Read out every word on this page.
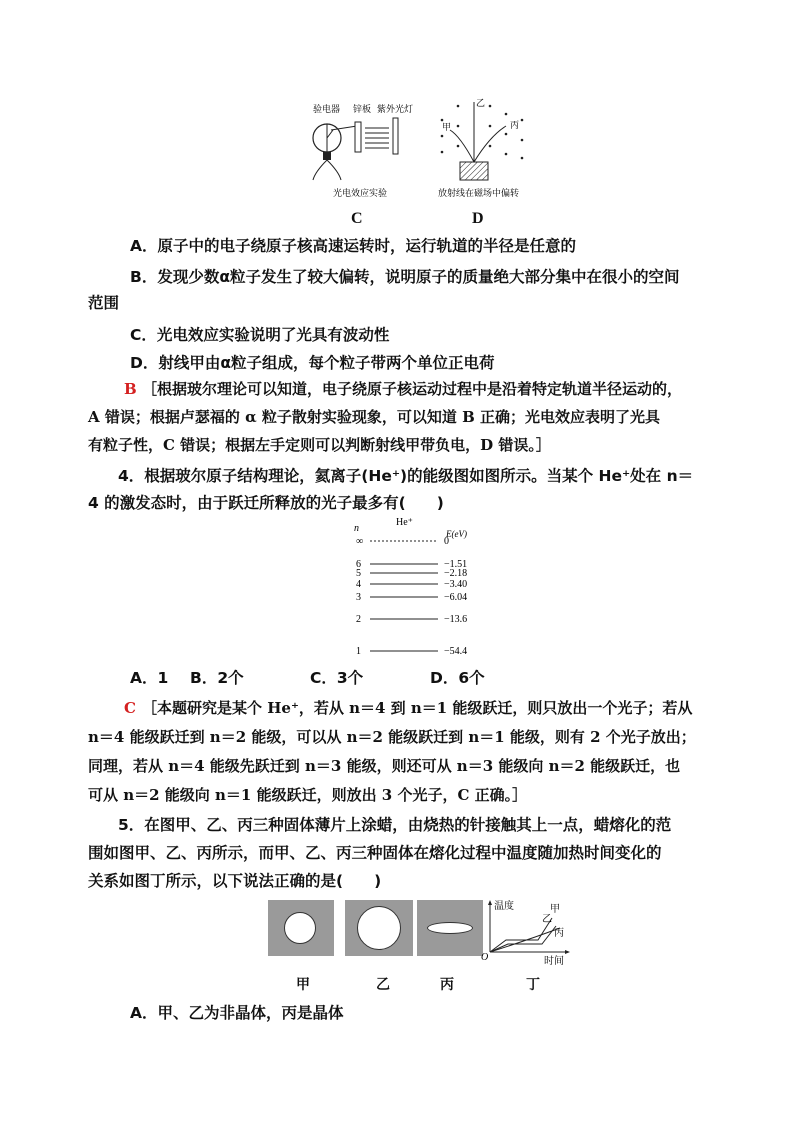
验电器 锌板 紫外光灯
光电效应实验
C
乙
甲	丙
放射线在磁场中偏转
D
A．原子中的电子绕原子核高速运转时，运行轨道的半径是任意的
B．发现少数α粒子发生了较大偏转，说明原子的质量绝大部分集中在很小的空间
范围
C．光电效应实验说明了光具有波动性
D．射线甲由α粒子组成，每个粒子带两个单位正电荷
B ［根据玻尔理论可以知道，电子绕原子核运动过程中是沿着特定轨道半径运动的，
A 错误；根据卢瑟福的 α 粒子散射实验现象，可以知道 B 正确；光电效应表明了光具
有粒子性，C 错误；根据左手定则可以判断射线甲带负电，D 错误。］
4．根据玻尔原子结构理论，氦离子(He⁺)的能级图如图所示。当某个 He⁺处在 n＝
4 的激发态时，由于跃迁所释放的光子最多有(　　)
n
He⁺
E(eV)
∞	0
6	−1.51
5	−2.18
4	−3.40
3	−6.04
2	−13.6
1	−54.4
A．1 B．2个	C．3个	D．6个
C ［本题研究是某个 He⁺，若从 n＝4 到 n＝1 能级跃迁，则只放出一个光子；若从
n＝4 能级跃迁到 n＝2 能级，可以从 n＝2 能级跃迁到 n＝1 能级，则有 2 个光子放出；
同理，若从 n＝4 能级先跃迁到 n＝3 能级，则还可从 n＝3 能级向 n＝2 能级跃迁，也
可从 n＝2 能级向 n＝1 能级跃迁，则放出 3 个光子，C 正确。］
5．在图甲、乙、丙三种固体薄片上涂蜡，由烧热的针接触其上一点，蜡熔化的范
围如图甲、乙、丙所示，而甲、乙、丙三种固体在熔化过程中温度随加热时间变化的
关系如图丁所示，以下说法正确的是(　　)
温度
时间
O
甲
乙
丙
甲	乙	丙	丁
A．甲、乙为非晶体，丙是晶体
